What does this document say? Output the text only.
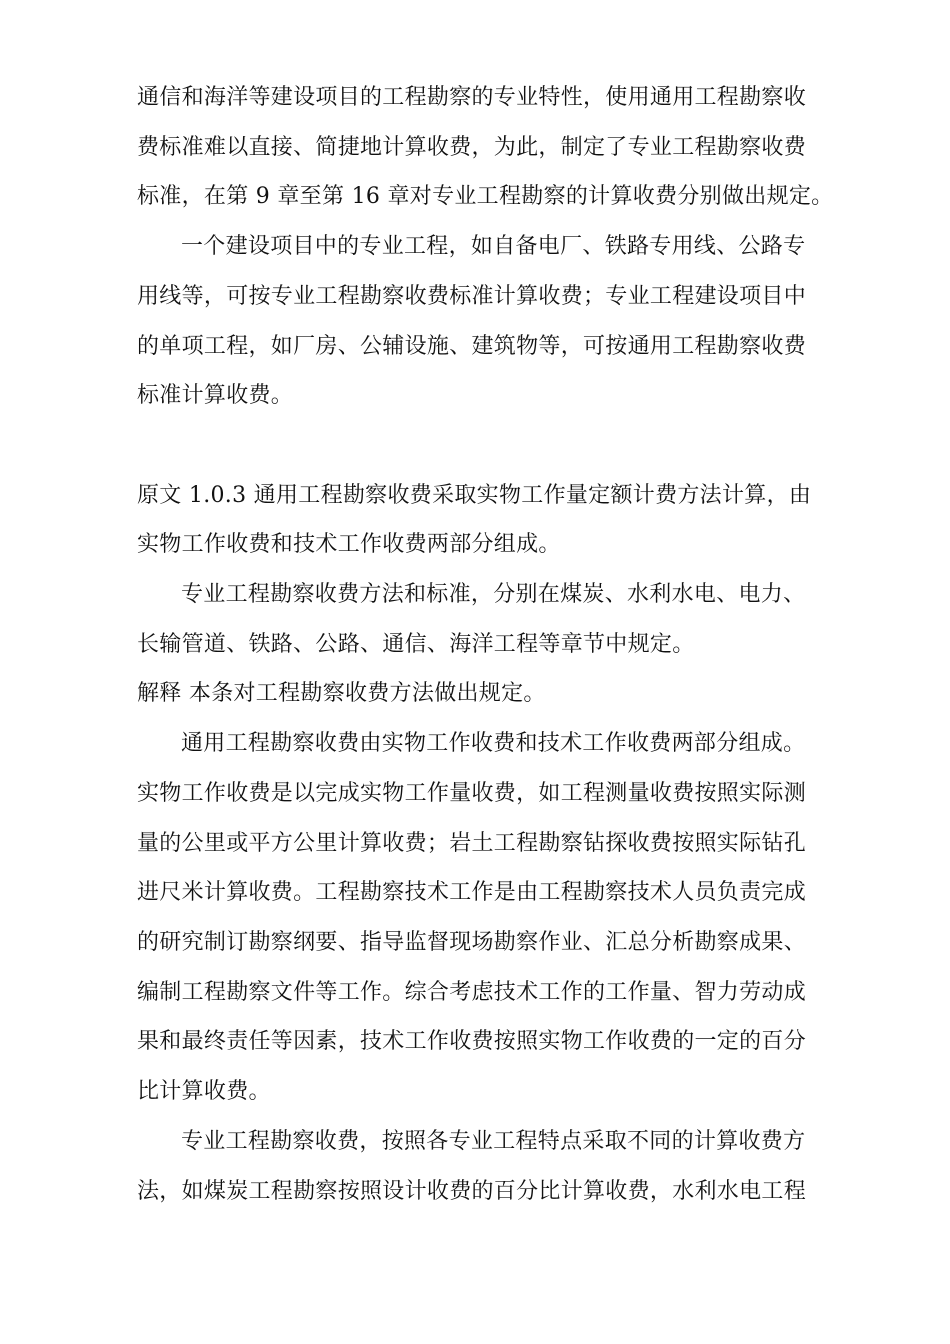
通信和海洋等建设项目的工程勘察的专业特性，使用通用工程勘察收

费标准难以直接、简捷地计算收费，为此，制定了专业工程勘察收费

标准，在第 9 章至第 16 章对专业工程勘察的计算收费分别做出规定。

一个建设项目中的专业工程，如自备电厂、铁路专用线、公路专

用线等，可按专业工程勘察收费标准计算收费；专业工程建设项目中

的单项工程，如厂房、公辅设施、建筑物等，可按通用工程勘察收费

标准计算收费。

原文 1.0.3 通用工程勘察收费采取实物工作量定额计费方法计算，由

实物工作收费和技术工作收费两部分组成。

专业工程勘察收费方法和标准，分别在煤炭、水利水电、电力、

长输管道、铁路、公路、通信、海洋工程等章节中规定。

解释 本条对工程勘察收费方法做出规定。

通用工程勘察收费由实物工作收费和技术工作收费两部分组成。

实物工作收费是以完成实物工作量收费，如工程测量收费按照实际测

量的公里或平方公里计算收费；岩土工程勘察钻探收费按照实际钻孔

进尺米计算收费。工程勘察技术工作是由工程勘察技术人员负责完成

的研究制订勘察纲要、指导监督现场勘察作业、汇总分析勘察成果、

编制工程勘察文件等工作。综合考虑技术工作的工作量、智力劳动成

果和最终责任等因素，技术工作收费按照实物工作收费的一定的百分

比计算收费。

专业工程勘察收费，按照各专业工程特点采取不同的计算收费方

法，如煤炭工程勘察按照设计收费的百分比计算收费，水利水电工程
